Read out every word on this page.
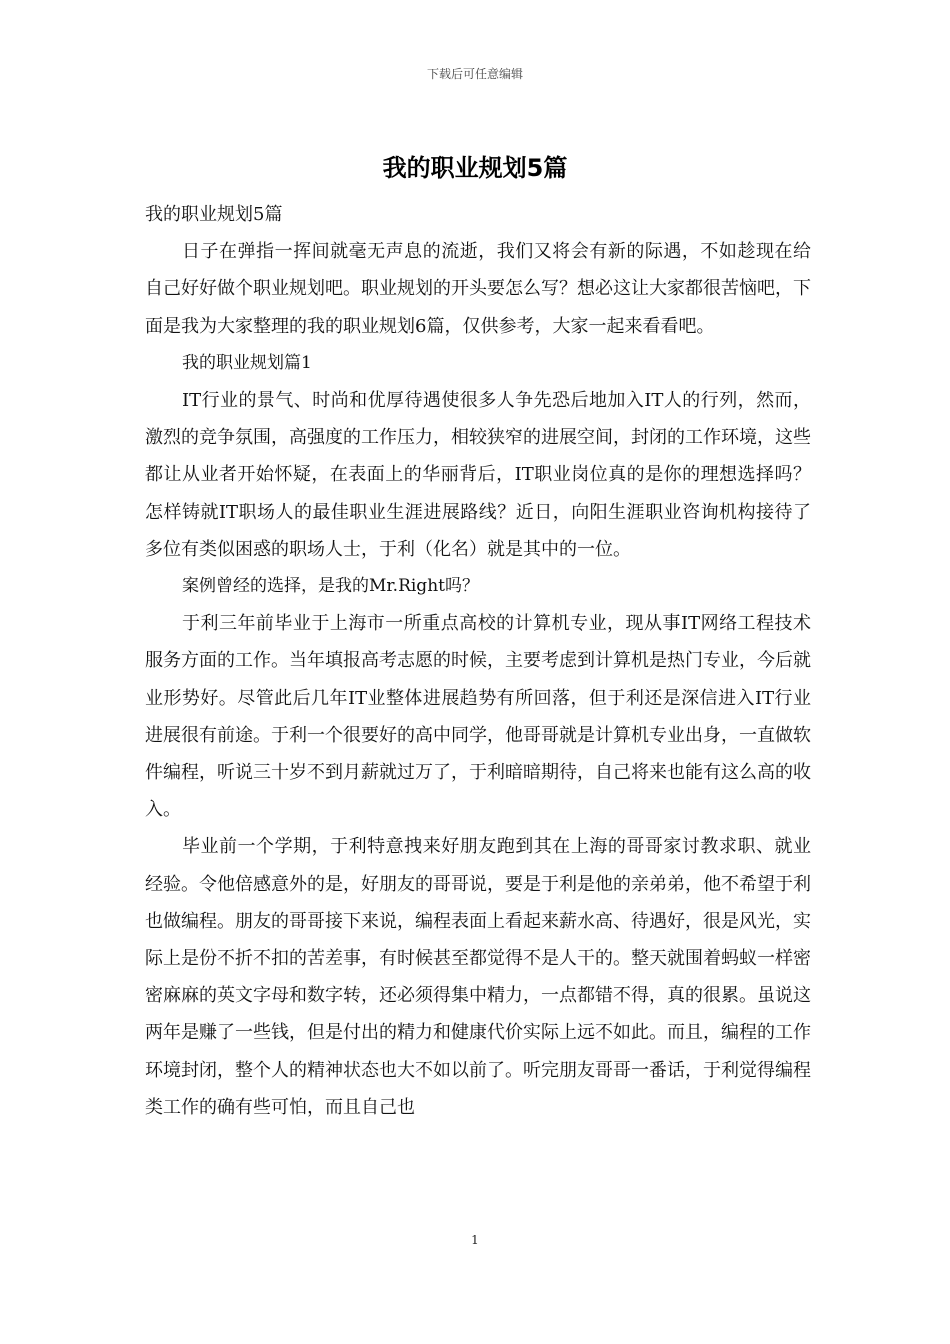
下载后可任意编辑
我的职业规划5篇

我的职业规划5篇

日子在弹指一挥间就毫无声息的流逝，我们又将会有新的际遇，不如趁现在给自己好好做个职业规划吧。职业规划的开头要怎么写？想必这让大家都很苦恼吧，下面是我为大家整理的我的职业规划6篇，仅供参考，大家一起来看看吧。

我的职业规划篇1

IT行业的景气、时尚和优厚待遇使很多人争先恐后地加入IT人的行列，然而，激烈的竞争氛围，高强度的工作压力，相较狭窄的进展空间，封闭的工作环境，这些都让从业者开始怀疑，在表面上的华丽背后，IT职业岗位真的是你的理想选择吗？怎样铸就IT职场人的最佳职业生涯进展路线？近日，向阳生涯职业咨询机构接待了多位有类似困惑的职场人士，于利（化名）就是其中的一位。

案例曾经的选择，是我的Mr.Right吗？

于利三年前毕业于上海市一所重点高校的计算机专业，现从事IT网络工程技术服务方面的工作。当年填报高考志愿的时候，主要考虑到计算机是热门专业，今后就业形势好。尽管此后几年IT业整体进展趋势有所回落，但于利还是深信进入IT行业进展很有前途。于利一个很要好的高中同学，他哥哥就是计算机专业出身，一直做软件编程，听说三十岁不到月薪就过万了，于利暗暗期待，自己将来也能有这么高的收入。

毕业前一个学期，于利特意拽来好朋友跑到其在上海的哥哥家讨教求职、就业经验。令他倍感意外的是，好朋友的哥哥说，要是于利是他的亲弟弟，他不希望于利也做编程。朋友的哥哥接下来说，编程表面上看起来薪水高、待遇好，很是风光，实际上是份不折不扣的苦差事，有时候甚至都觉得不是人干的。整天就围着蚂蚁一样密密麻麻的英文字母和数字转，还必须得集中精力，一点都错不得，真的很累。虽说这两年是赚了一些钱，但是付出的精力和健康代价实际上远不如此。而且，编程的工作环境封闭，整个人的精神状态也大不如以前了。听完朋友哥哥一番话，于利觉得编程类工作的确有些可怕，而且自己也

1
